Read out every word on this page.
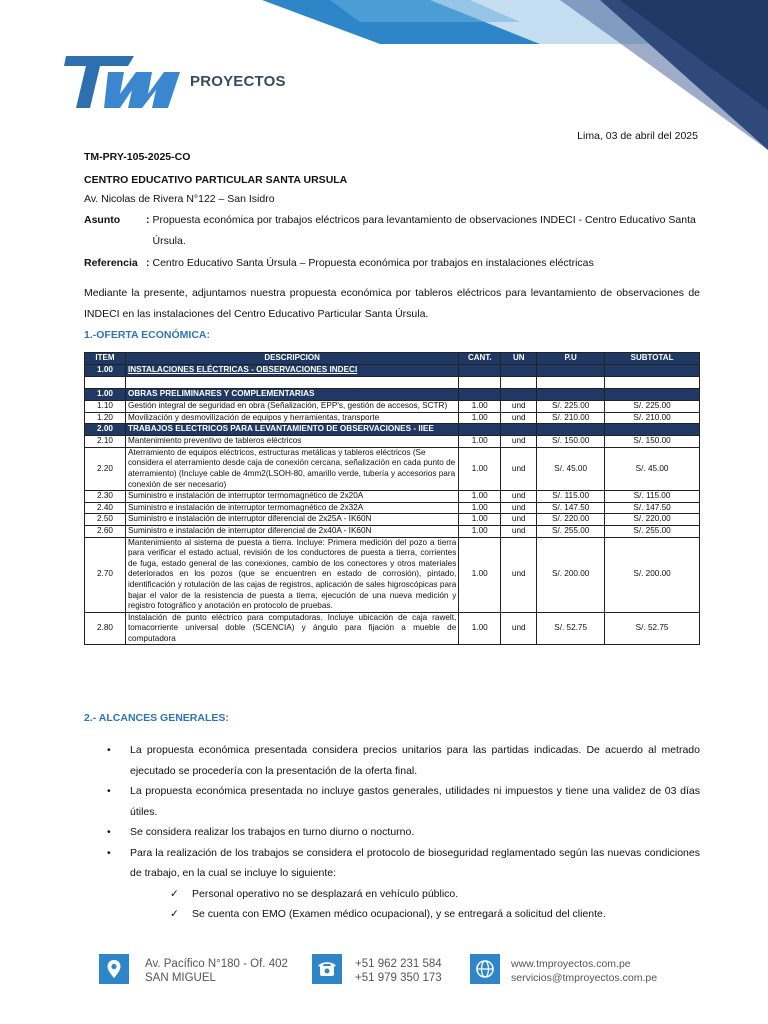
PROYECTOS
Lima, 03 de abril del 2025
TM-PRY-105-2025-CO
CENTRO EDUCATIVO PARTICULAR SANTA URSULA
Av. Nicolas de Rivera N°122 – San Isidro
Asunto	: Propuesta económica por trabajos eléctricos para levantamiento de observaciones INDECI - Centro Educativo Santa Úrsula.
Referencia : Centro Educativo Santa Úrsula – Propuesta económica por trabajos en instalaciones eléctricas
Mediante la presente, adjuntamos nuestra propuesta económica por tableros eléctricos para levantamiento de observaciones de INDECI en las instalaciones del Centro Educativo Particular Santa Úrsula.
1.-OFERTA ECONÓMICA:
ITEM	DESCRIPCION	CANT.	UN	P.U	SUBTOTAL
1.00	INSTALACIONES ELÉCTRICAS - OBSERVACIONES INDECI				

1.00	OBRAS PRELIMINARES Y COMPLEMENTARIAS				
1.10	Gestión integral de seguridad en obra (Señalización, EPP's, gestión de accesos, SCTR)	1.00	und	S/. 225.00	S/. 225.00
1.20	Movilización y desmovilización de equipos y herramientas, transporte	1.00	und	S/. 210.00	S/. 210.00
2.00	TRABAJOS ELECTRICOS PARA LEVANTAMIENTO DE OBSERVACIONES - IIEE				
2.10	Mantenimiento preventivo de tableros eléctricos	1.00	und	S/. 150.00	S/. 150.00
2.20	Aterramiento de equipos eléctricos, estructuras metálicas y tableros eléctricos (Se considera el aterramiento desde caja de conexión cercana, señalización en cada punto de aterramiento) (Incluye cable de 4mm2(LSOH-80, amarillo verde, tubería y accesorios para conexión de ser necesario)	1.00	und	S/. 45.00	S/. 45.00
2.30	Suministro e instalación de interruptor termomagnético de 2x20A	1.00	und	S/. 115.00	S/. 115.00
2.40	Suministro e instalación de interruptor termomagnético de 2x32A	1.00	und	S/. 147.50	S/. 147.50
2.50	Suministro e instalación de interruptor diferencial de 2x25A - IK60N	1.00	und	S/. 220.00	S/. 220.00
2.60	Suministro e instalación de interruptor diferencial de 2x40A - IK60N	1.00	und	S/. 255.00	S/. 255.00
2.70	Mantenimiento al sistema de puesta a tierra. Incluye: Primera medición del pozo a tierra para verificar el estado actual, revisión de los conductores de puesta a tierra, corrientes de fuga, estado general de las conexiones, cambio de los conectores y otros materiales deteriorados en los pozos (que se encuentren en estado de corrosión), pintado, identificación y rotulación de las cajas de registros, aplicación de sales higroscópicas para bajar el valor de la resistencia de puesta a tierra, ejecución de una nueva medición y registro fotográfico y anotación en protocolo de pruebas.	1.00	und	S/. 200.00	S/. 200.00
2.80	Instalación de punto eléctrico para computadoras. Incluye ubicación de caja rawelt, tomacorriente universal doble (SCENCIA) y ángulo para fijación a mueble de computadora	1.00	und	S/. 52.75	S/. 52.75
2.- ALCANCES GENERALES:
• La propuesta económica presentada considera precios unitarios para las partidas indicadas. De acuerdo al metrado ejecutado se procedería con la presentación de la oferta final.
• La propuesta económica presentada no incluye gastos generales, utilidades ni impuestos y tiene una validez de 03 días útiles.
• Se considera realizar los trabajos en turno diurno o nocturno.
• Para la realización de los trabajos se considera el protocolo de bioseguridad reglamentado según las nuevas condiciones de trabajo, en la cual se incluye lo siguiente:
✓ Personal operativo no se desplazará en vehículo público.
✓ Se cuenta con EMO (Examen médico ocupacional), y se entregará a solicitud del cliente.
Av. Pacífico N°180 - Of. 402
SAN MIGUEL
+51 962 231 584
+51 979 350 173
www.tmproyectos.com.pe
servicios@tmproyectos.com.pe
